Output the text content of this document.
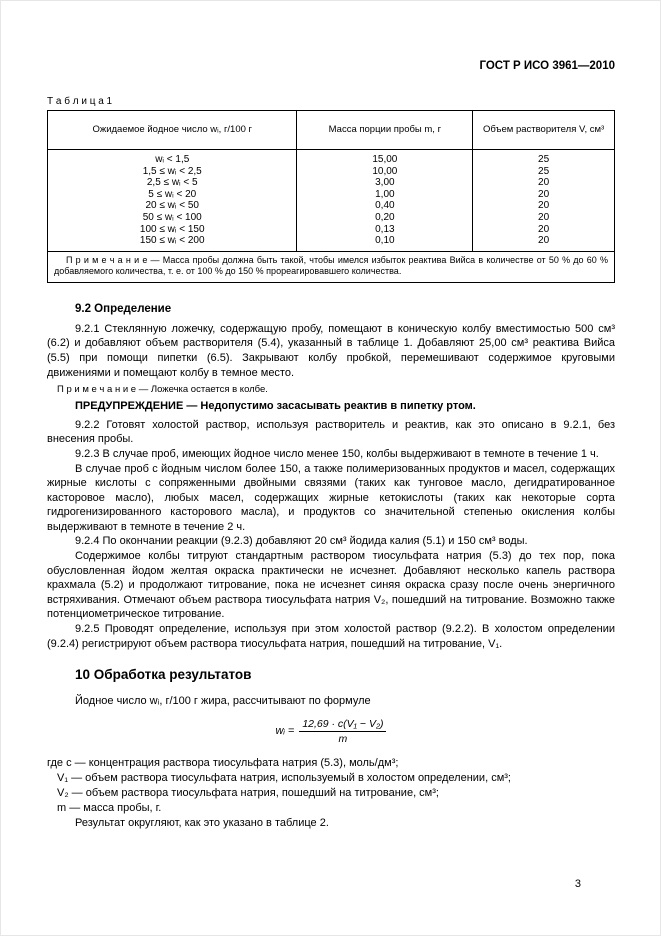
ГОСТ Р ИСО 3961—2010
Т а б л и ц а 1
Ожидаемое йодное число wᵢ, г/100 г	Масса порции пробы m, г	Объем растворителя V, см³
wᵢ < 1,5	15,00	25
1,5 ≤ wᵢ < 2,5	10,00	25
2,5 ≤ wᵢ < 5	3,00	20
5 ≤ wᵢ < 20	1,00	20
20 ≤ wᵢ < 50	0,40	20
50 ≤ wᵢ < 100	0,20	20
100 ≤ wᵢ < 150	0,13	20
150 ≤ wᵢ < 200	0,10	20
П р и м е ч а н и е — Масса пробы должна быть такой, чтобы имелся избыток реактива Вийса в количестве от 50 % до 60 % добавляемого количества, т. е. от 100 % до 150 % прореагировавшего количества.		
9.2 Определение

9.2.1 Стеклянную ложечку, содержащую пробу, помещают в коническую колбу вместимостью 500 см³ (6.2) и добавляют объем растворителя (5.4), указанный в таблице 1. Добавляют 25,00 см³ реактива Вийса (5.5) при помощи пипетки (6.5). Закрывают колбу пробкой, перемешивают содержимое круговыми движениями и помещают колбу в темное место.

П р и м е ч а н и е — Ложечка остается в колбе.

ПРЕДУПРЕЖДЕНИЕ — Недопустимо засасывать реактив в пипетку ртом.

9.2.2 Готовят холостой раствор, используя растворитель и реактив, как это описано в 9.2.1, без внесения пробы.

9.2.3 В случае проб, имеющих йодное число менее 150, колбы выдерживают в темноте в течение 1 ч.

В случае проб с йодным числом более 150, а также полимеризованных продуктов и масел, содержащих жирные кислоты с сопряженными двойными связями (таких как тунговое масло, дегидратированное касторовое масло), любых масел, содержащих жирные кетокислоты (таких как некоторые сорта гидрогенизированного касторового масла), и продуктов со значительной степенью окисления колбы выдерживают в темноте в течение 2 ч.

9.2.4 По окончании реакции (9.2.3) добавляют 20 см³ йодида калия (5.1) и 150 см³ воды.

Содержимое колбы титруют стандартным раствором тиосульфата натрия (5.3) до тех пор, пока обусловленная йодом желтая окраска практически не исчезнет. Добавляют несколько капель раствора крахмала (5.2) и продолжают титрование, пока не исчезнет синяя окраска сразу после очень энергичного встряхивания. Отмечают объем раствора тиосульфата натрия V₂, пошедший на титрование. Возможно также потенциометрическое титрование.

9.2.5 Проводят определение, используя при этом холостой раствор (9.2.2). В холостом определении (9.2.4) регистрируют объем раствора тиосульфата натрия, пошедший на титрование, V₁.

10 Обработка результатов

Йодное число wᵢ, г/100 г жира, рассчитывают по формуле

wᵢ = $\frac{\text{12,69 · c(V₁ − V₂)}}{m}$

где c — концентрация раствора тиосульфата натрия (5.3), моль/дм³;

V₁ — объем раствора тиосульфата натрия, используемый в холостом определении, см³;

V₂ — объем раствора тиосульфата натрия, пошедший на титрование, см³;

m — масса пробы, г.

Результат округляют, как это указано в таблице 2.

3
